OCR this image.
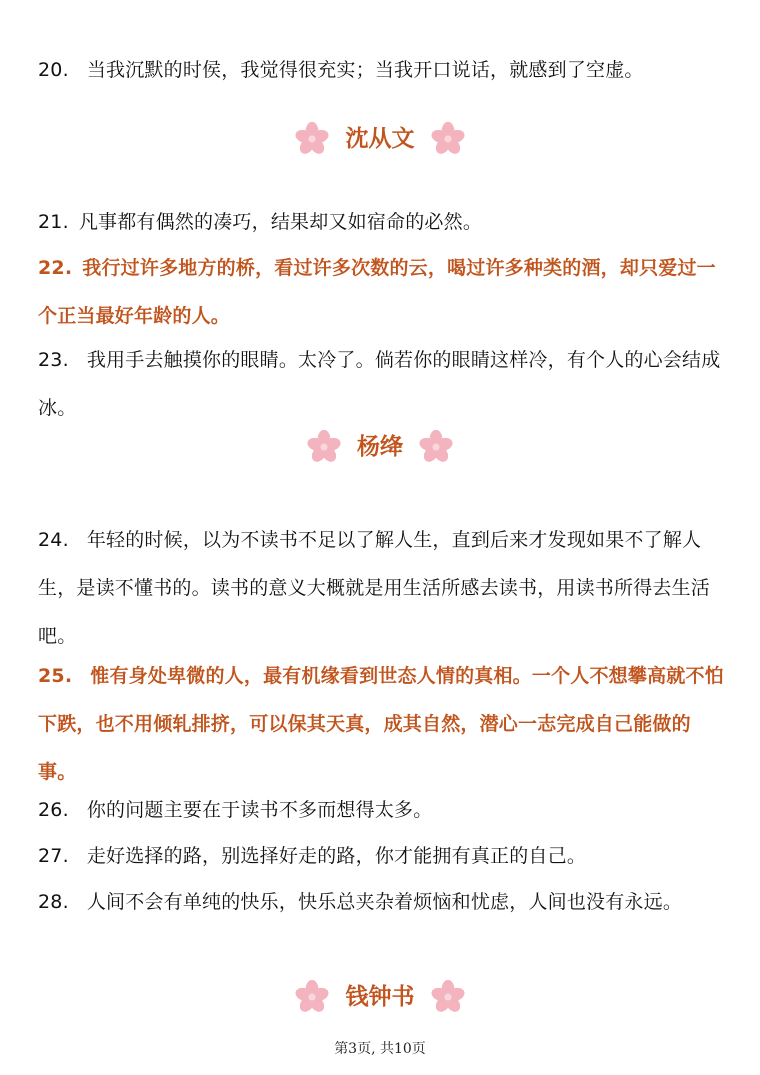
20. 当我沉默的时侯，我觉得很充实；当我开口说话，就感到了空虚。
沈从文
21. 凡事都有偶然的凑巧，结果却又如宿命的必然。
22. 我行过许多地方的桥，看过许多次数的云，喝过许多种类的酒，却只爱过一个正当最好年龄的人。
23. 我用手去触摸你的眼睛。太冷了。倘若你的眼睛这样冷，有个人的心会结成冰。
杨绛
24. 年轻的时候，以为不读书不足以了解人生，直到后来才发现如果不了解人生，是读不懂书的。读书的意义大概就是用生活所感去读书，用读书所得去生活吧。
25. 惟有身处卑微的人，最有机缘看到世态人情的真相。一个人不想攀高就不怕下跌，也不用倾轧排挤，可以保其天真，成其自然，潜心一志完成自己能做的事。
26. 你的问题主要在于读书不多而想得太多。
27. 走好选择的路，别选择好走的路，你才能拥有真正的自己。
28. 人间不会有单纯的快乐，快乐总夹杂着烦恼和忧虑，人间也没有永远。
钱钟书
第3页, 共10页
